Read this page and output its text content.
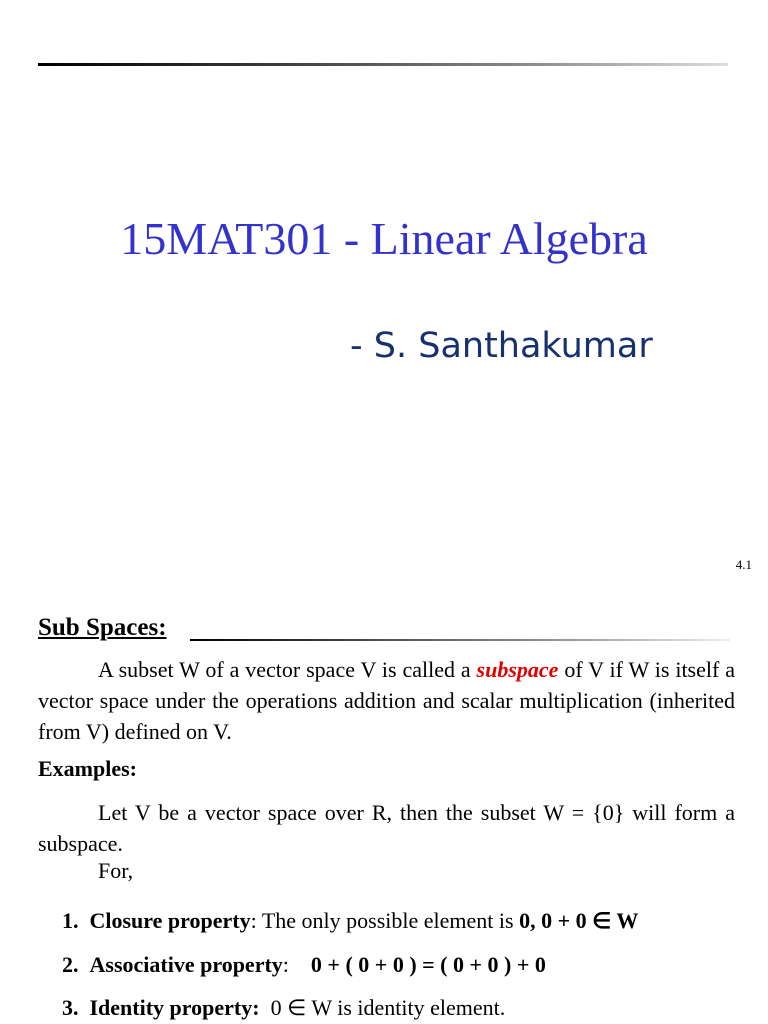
15MAT301 - Linear Algebra
- S. Santhakumar
4.1
Sub Spaces:
A subset W of a vector space V is called a subspace of V if W is itself a vector space under the operations addition and scalar multiplication (inherited from V) defined on V.
Examples:
Let V be a vector space over R, then the subset W = {0} will form a subspace.
For,
1. Closure property: The only possible element is 0, 0 + 0 ∈ W
2. Associative property: 0 + ( 0 + 0 ) = ( 0 + 0 ) + 0
3. Identity property: 0 ∈ W is identity element.
